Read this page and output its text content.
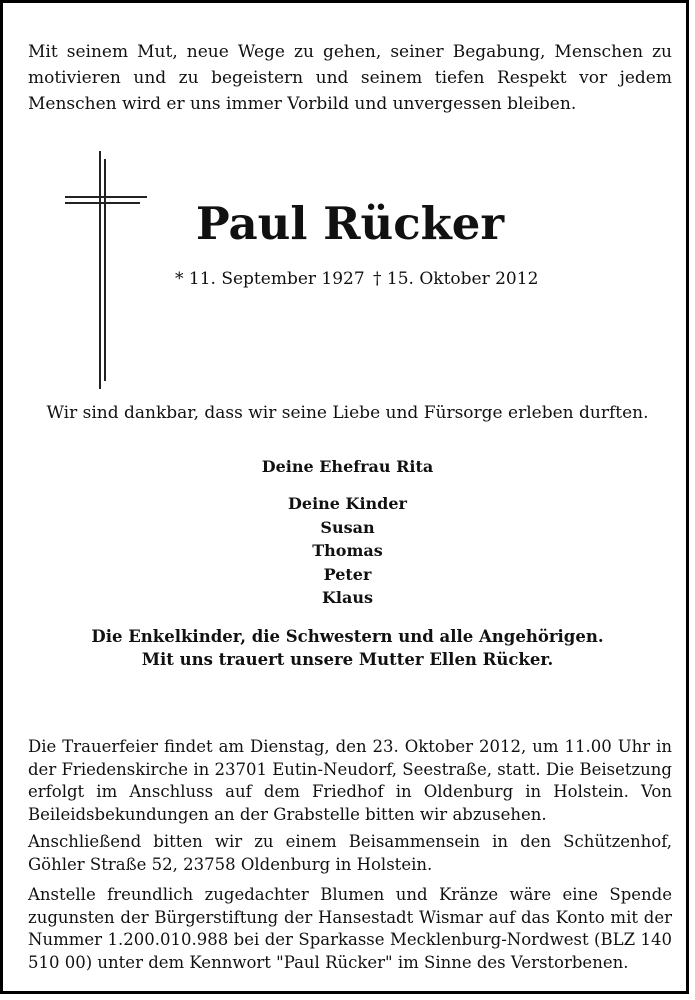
Mit seinem Mut, neue Wege zu gehen, seiner Begabung, Menschen zu motivieren und zu begeistern und seinem tiefen Respekt vor jedem Menschen wird er uns immer Vorbild und unvergessen bleiben.
Paul Rücker
* 11. September 1927 † 15. Oktober 2012
Wir sind dankbar, dass wir seine Liebe und Fürsorge erleben durften.
Deine Ehefrau Rita
Deine Kinder
Susan
Thomas
Peter
Klaus
Die Enkelkinder, die Schwestern und alle Angehörigen.
Mit uns trauert unsere Mutter Ellen Rücker.
Die Trauerfeier findet am Dienstag, den 23. Oktober 2012, um 11.00 Uhr in der Friedenskirche in 23701 Eutin-Neudorf, Seestraße, statt. Die Beisetzung erfolgt im Anschluss auf dem Friedhof in Oldenburg in Holstein. Von Beileidsbekundungen an der Grabstelle bitten wir abzusehen.
Anschließend bitten wir zu einem Beisammensein in den Schützenhof, Göhler Straße 52, 23758 Oldenburg in Holstein.
Anstelle freundlich zugedachter Blumen und Kränze wäre eine Spende zugunsten der Bürgerstiftung der Hansestadt Wismar auf das Konto mit der Nummer 1.200.010.988 bei der Sparkasse Mecklenburg-Nordwest (BLZ 140 510 00) unter dem Kennwort "Paul Rücker" im Sinne des Verstorbenen.
